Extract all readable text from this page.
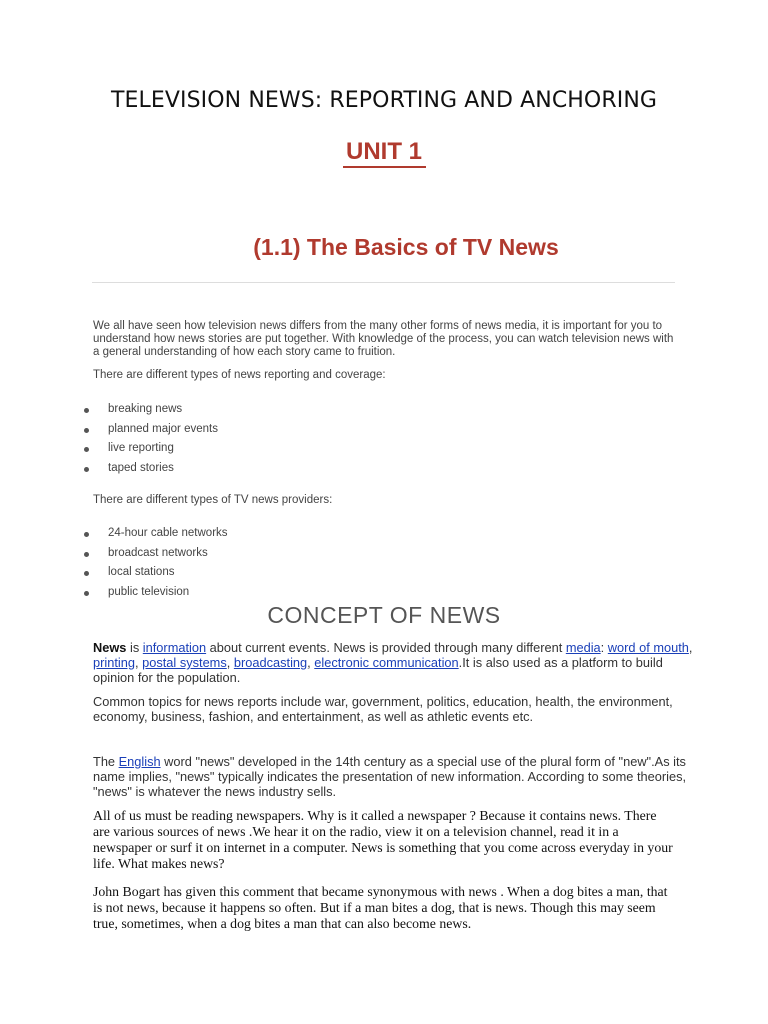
TELEVISION NEWS: REPORTING AND ANCHORING
UNIT 1
(1.1) The Basics of TV News
We all have seen how television news differs from the many other forms of news media, it is important for you to understand how news stories are put together. With knowledge of the process, you can watch television news with a general understanding of how each story came to fruition.
There are different types of news reporting and coverage:
breaking news
planned major events
live reporting
taped stories
There are different types of TV news providers:
24-hour cable networks
broadcast networks
local stations
public television
CONCEPT OF NEWS
News is information about current events. News is provided through many different media: word of mouth, printing, postal systems, broadcasting, electronic communication.It is also used as a platform to build opinion for the population.
Common topics for news reports include war, government, politics, education, health, the environment, economy, business, fashion, and entertainment, as well as athletic events etc.
The English word "news" developed in the 14th century as a special use of the plural form of "new".As its name implies, "news" typically indicates the presentation of new information. According to some theories, "news" is whatever the news industry sells.
All of us must be reading newspapers. Why is it called a newspaper ? Because it contains news. There are various sources of news .We hear it on the radio, view it on a television channel, read it in a newspaper or surf it on internet in a computer. News is something that you come across everyday in your life. What makes news?
John Bogart has given this comment that became synonymous with news . When a dog bites a man, that is not news, because it happens so often. But if a man bites a dog, that is news. Though this may seem true, sometimes, when a dog bites a man that can also become news.
